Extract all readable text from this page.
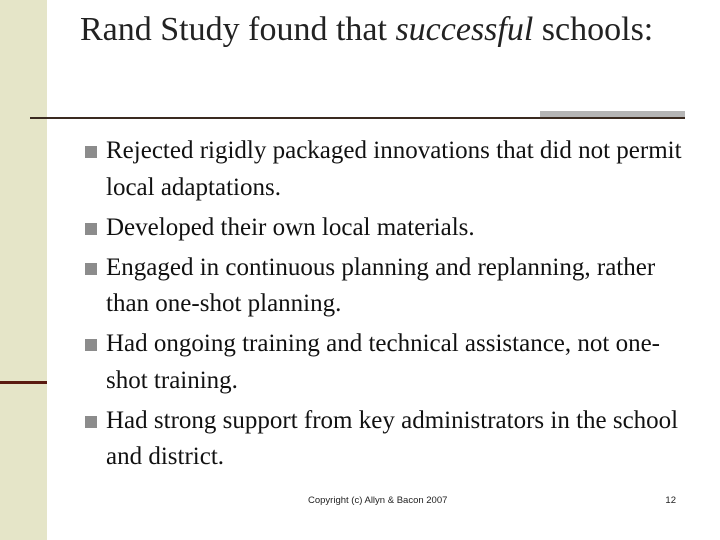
Rand Study found that successful schools:
Rejected rigidly packaged innovations that did not permit local adaptations.
Developed their own local materials.
Engaged in continuous planning and replanning, rather than one-shot planning.
Had ongoing training and technical assistance, not one-shot training.
Had strong support from key administrators in the school and district.
Copyright (c) Allyn & Bacon 2007	12
